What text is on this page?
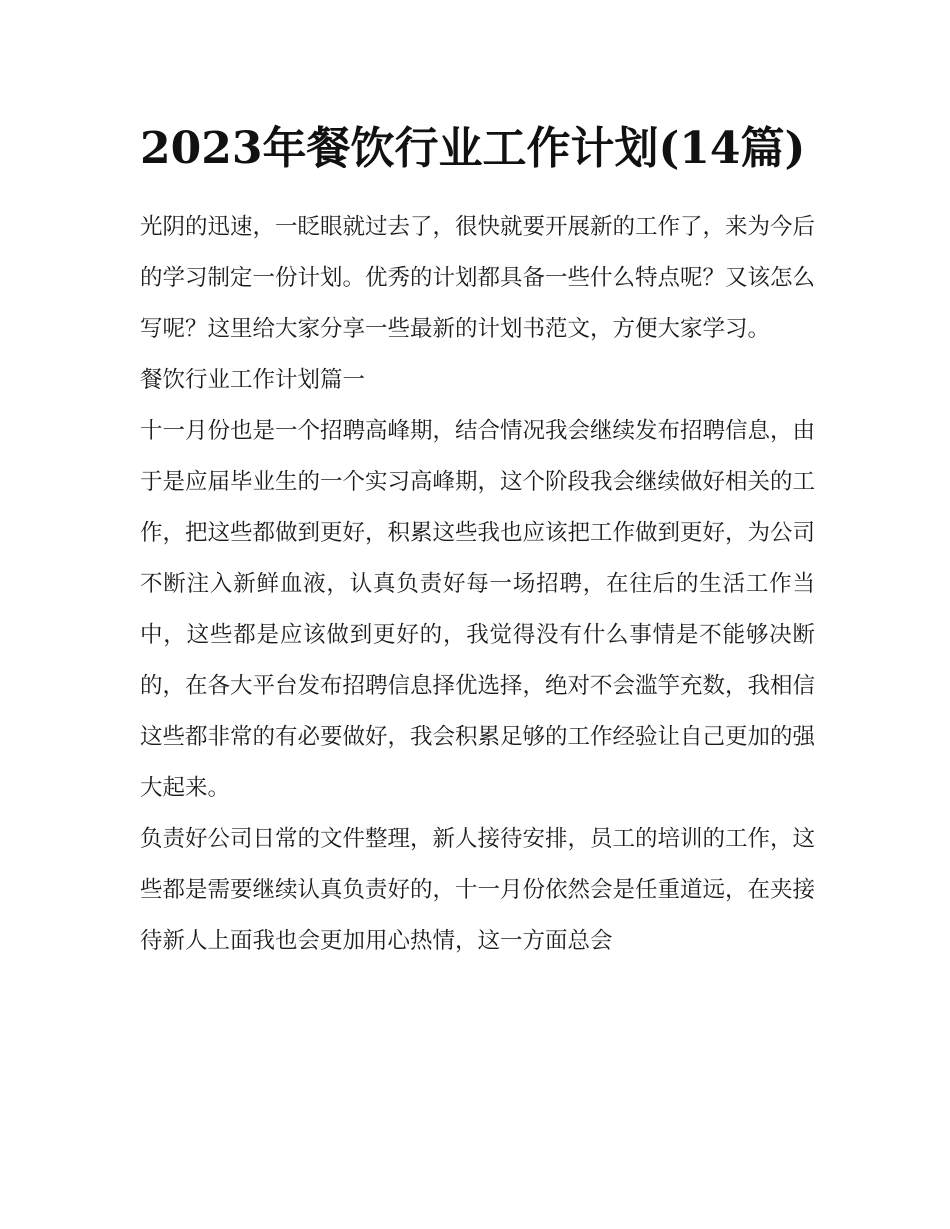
2023年餐饮行业工作计划(14篇)

光阴的迅速，一眨眼就过去了，很快就要开展新的工作了，来为今后的学习制定一份计划。优秀的计划都具备一些什么特点呢？又该怎么写呢？这里给大家分享一些最新的计划书范文，方便大家学习。

餐饮行业工作计划篇一

十一月份也是一个招聘高峰期，结合情况我会继续发布招聘信息，由于是应届毕业生的一个实习高峰期，这个阶段我会继续做好相关的工作，把这些都做到更好，积累这些我也应该把工作做到更好，为公司不断注入新鲜血液，认真负责好每一场招聘，在往后的生活工作当中，这些都是应该做到更好的，我觉得没有什么事情是不能够决断的，在各大平台发布招聘信息择优选择，绝对不会滥竽充数，我相信这些都非常的有必要做好，我会积累足够的工作经验让自己更加的强大起来。

负责好公司日常的文件整理，新人接待安排，员工的培训的工作，这些都是需要继续认真负责好的，十一月份依然会是任重道远，在夹接待新人上面我也会更加用心热情，这一方面总会
